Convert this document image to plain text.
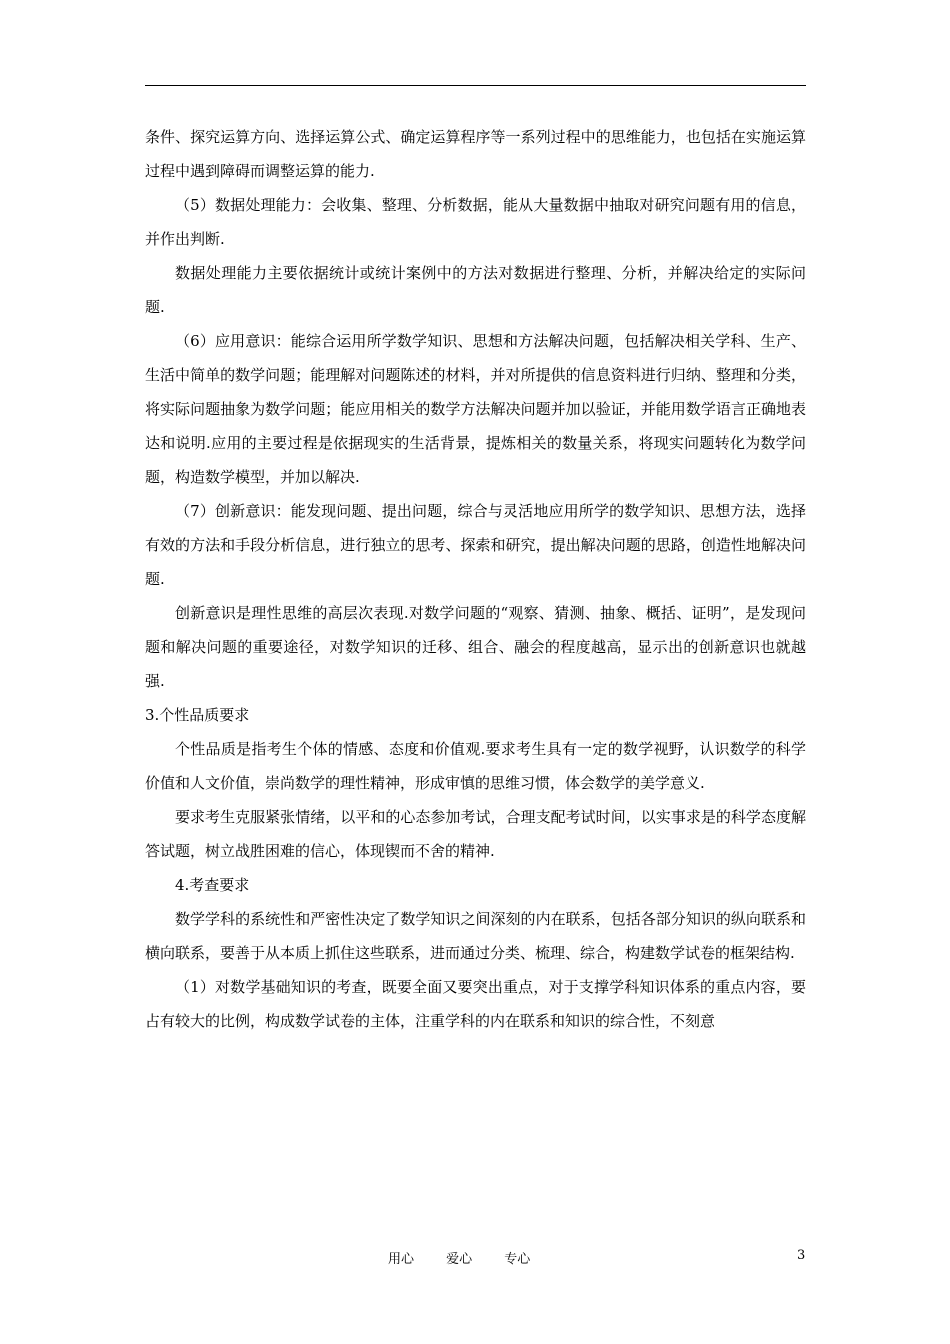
条件、探究运算方向、选择运算公式、确定运算程序等一系列过程中的思维能力，也包括在实施运算过程中遇到障碍而调整运算的能力.

（5）数据处理能力：会收集、整理、分析数据，能从大量数据中抽取对研究问题有用的信息，并作出判断.

数据处理能力主要依据统计或统计案例中的方法对数据进行整理、分析，并解决给定的实际问题.

（6）应用意识：能综合运用所学数学知识、思想和方法解决问题，包括解决相关学科、生产、生活中简单的数学问题；能理解对问题陈述的材料，并对所提供的信息资料进行归纳、整理和分类，将实际问题抽象为数学问题；能应用相关的数学方法解决问题并加以验证，并能用数学语言正确地表达和说明.应用的主要过程是依据现实的生活背景，提炼相关的数量关系，将现实问题转化为数学问题，构造数学模型，并加以解决.

（7）创新意识：能发现问题、提出问题，综合与灵活地应用所学的数学知识、思想方法，选择有效的方法和手段分析信息，进行独立的思考、探索和研究，提出解决问题的思路，创造性地解决问题.

创新意识是理性思维的高层次表现.对数学问题的“观察、猜测、抽象、概括、证明”，是发现问题和解决问题的重要途径，对数学知识的迁移、组合、融会的程度越高，显示出的创新意识也就越强.

3.个性品质要求

个性品质是指考生个体的情感、态度和价值观.要求考生具有一定的数学视野，认识数学的科学价值和人文价值，崇尚数学的理性精神，形成审慎的思维习惯，体会数学的美学意义.

要求考生克服紧张情绪，以平和的心态参加考试，合理支配考试时间，以实事求是的科学态度解答试题，树立战胜困难的信心，体现锲而不舍的精神.

4.考查要求

数学学科的系统性和严密性决定了数学知识之间深刻的内在联系，包括各部分知识的纵向联系和横向联系，要善于从本质上抓住这些联系，进而通过分类、梳理、综合，构建数学试卷的框架结构.

（1）对数学基础知识的考查，既要全面又要突出重点，对于支撑学科知识体系的重点内容，要占有较大的比例，构成数学试卷的主体，注重学科的内在联系和知识的综合性，不刻意

用心 爱心 专心	3
